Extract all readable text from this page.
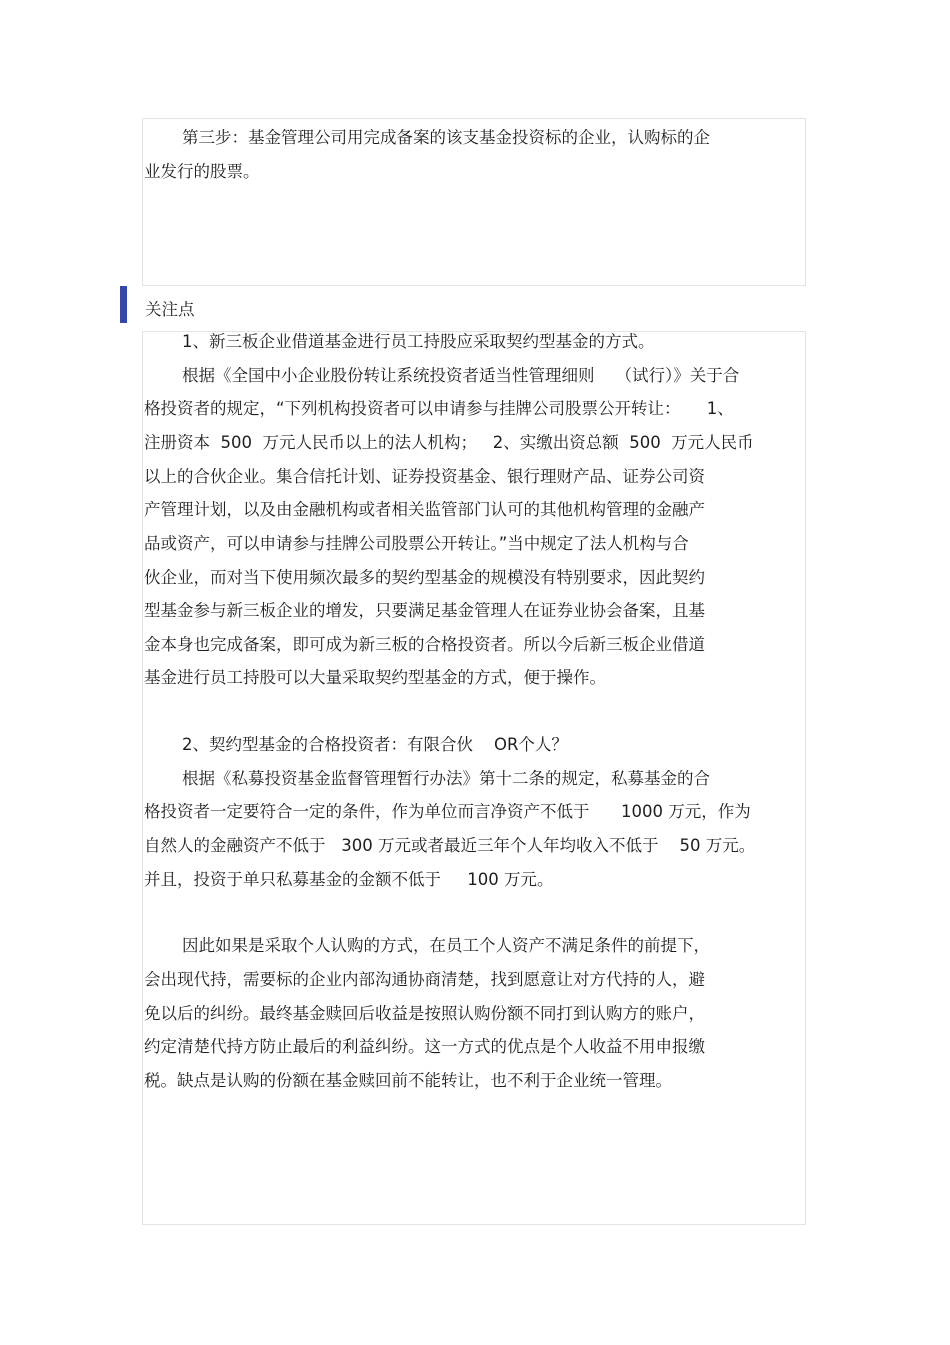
第三步：基金管理公司用完成备案的该支基金投资标的企业，认购标的企
业发行的股票。
关注点
1、新三板企业借道基金进行员工持股应采取契约型基金的方式。
根据《全国中小企业股份转让系统投资者适当性管理细则    （试行）》关于合
格投资者的规定，“下列机构投资者可以申请参与挂牌公司股票公开转让：     1、
注册资本  500  万元人民币以上的法人机构；   2、实缴出资总额  500  万元人民币
以上的合伙企业。集合信托计划、证券投资基金、银行理财产品、证券公司资
产管理计划，以及由金融机构或者相关监管部门认可的其他机构管理的金融产
品或资产，可以申请参与挂牌公司股票公开转让。”当中规定了法人机构与合
伙企业，而对当下使用频次最多的契约型基金的规模没有特别要求，因此契约
型基金参与新三板企业的增发，只要满足基金管理人在证券业协会备案，且基
金本身也完成备案，即可成为新三板的合格投资者。所以今后新三板企业借道
基金进行员工持股可以大量采取契约型基金的方式，便于操作。
2、契约型基金的合格投资者：有限合伙    OR个人？
根据《私募投资基金监督管理暂行办法》第十二条的规定，私募基金的合
格投资者一定要符合一定的条件，作为单位而言净资产不低于      1000 万元，作为
自然人的金融资产不低于   300 万元或者最近三年个人年均收入不低于    50 万元。
并且，投资于单只私募基金的金额不低于     100 万元。
因此如果是采取个人认购的方式，在员工个人资产不满足条件的前提下，
会出现代持，需要标的企业内部沟通协商清楚，找到愿意让对方代持的人，避
免以后的纠纷。最终基金赎回后收益是按照认购份额不同打到认购方的账户，
约定清楚代持方防止最后的利益纠纷。这一方式的优点是个人收益不用申报缴
税。缺点是认购的份额在基金赎回前不能转让，也不利于企业统一管理。
